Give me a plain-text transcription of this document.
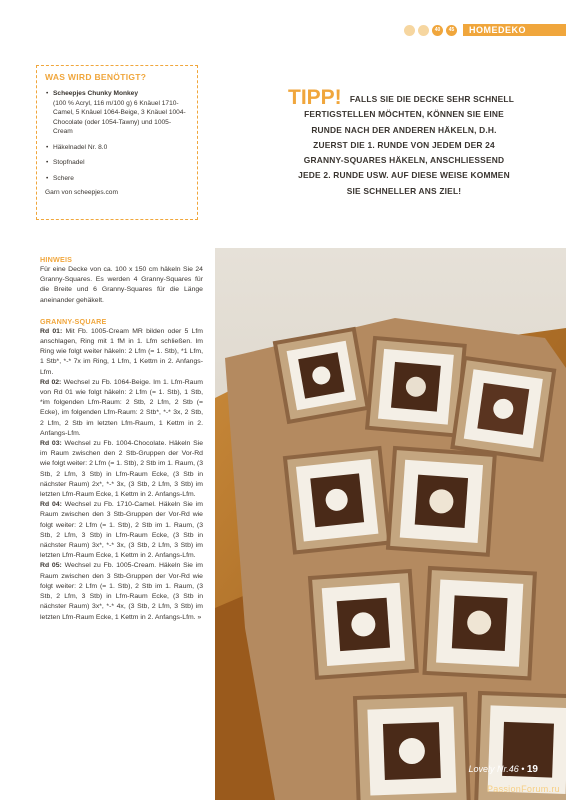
40	45	HOMEDEKO
WAS WIRD BENÖTIGT?
• Scheepjes Chunky Monkey
(100 % Acryl, 116 m/100 g) 6 Knäuel 1710-Camel, 5 Knäuel 1064-Beige, 3 Knäuel 1004-Chocolate (oder 1054-Tawny) und 1005-Cream
• Häkelnadel Nr. 8.0
• Stopfnadel
• Schere
Garn von scheepjes.com
TIPP! FALLS SIE DIE DECKE SEHR SCHNELL
FERTIGSTELLEN MÖCHTEN, KÖNNEN SIE EINE
RUNDE NACH DER ANDEREN HÄKELN, D.H.
ZUERST DIE 1. RUNDE VON JEDEM DER 24
GRANNY-SQUARES HÄKELN, ANSCHLIESSEND
JEDE 2. RUNDE USW. AUF DIESE WEISE KOMMEN
SIE SCHNELLER ANS ZIEL!

HINWEIS

Für eine Decke von ca. 100 x 150 cm häkeln Sie 24 Granny-Squares. Es werden 4 Granny-Squares für die Breite und 6 Granny-Squares für die Länge aneinander gehäkelt.

GRANNY-SQUARE

Rd 01: Mit Fb. 1005-Cream MR bilden oder 5 Lfm anschlagen, Ring mit 1 fM in 1. Lfm schließen. Im Ring wie folgt weiter häkeln: 2 Lfm (= 1. Stb), *1 Lfm, 1 Stb*, *-* 7x im Ring, 1 Lfm, 1 Kettm in 2. Anfangs-Lfm.

Rd 02: Wechsel zu Fb. 1064-Beige. Im 1. Lfm-Raum von Rd 01 wie folgt häkeln: 2 Lfm (= 1. Stb), 1 Stb, *im folgenden Lfm-Raum: 2 Stb, 2 Lfm, 2 Stb (= Ecke), im folgenden Lfm-Raum: 2 Stb*, *-* 3x, 2 Stb, 2 Lfm, 2 Stb im letzten Lfm-Raum, 1 Kettm in 2. Anfangs-Lfm.

Rd 03: Wechsel zu Fb. 1004-Chocolate. Häkeln Sie im Raum zwischen den 2 Stb-Gruppen der Vor-Rd wie folgt weiter: 2 Lfm (= 1. Stb), 2 Stb im 1. Raum, (3 Stb, 2 Lfm, 3 Stb) in Lfm-Raum Ecke, (3 Stb in nächster Raum) 2x*, *-* 3x, (3 Stb, 2 Lfm, 3 Stb) im letzten Lfm-Raum Ecke, 1 Kettm in 2. Anfangs-Lfm.

Rd 04: Wechsel zu Fb. 1710-Camel. Häkeln Sie im Raum zwischen den 3 Stb-Gruppen der Vor-Rd wie folgt weiter: 2 Lfm (= 1. Stb), 2 Stb im 1. Raum, (3 Stb, 2 Lfm, 3 Stb) in Lfm-Raum Ecke, (3 Stb in nächster Raum) 3x*, *-* 3x, (3 Stb, 2 Lfm, 3 Stb) im letzten Lfm-Raum Ecke, 1 Kettm in 2. Anfangs-Lfm.

Rd 05: Wechsel zu Fb. 1005-Cream. Häkeln Sie im Raum zwischen den 3 Stb-Gruppen der Vor-Rd wie folgt weiter: 2 Lfm (= 1. Stb), 2 Stb im 1. Raum, (3 Stb, 2 Lfm, 3 Stb) in Lfm-Raum Ecke, (3 Stb in nächster Raum) 3x*, *-* 4x, (3 Stb, 2 Lfm, 3 Stb) im letzten Lfm-Raum Ecke, 1 Kettm in 2. Anfangs-Lfm. »

Lovely Nr.46 • 19
PassionForum.ru
